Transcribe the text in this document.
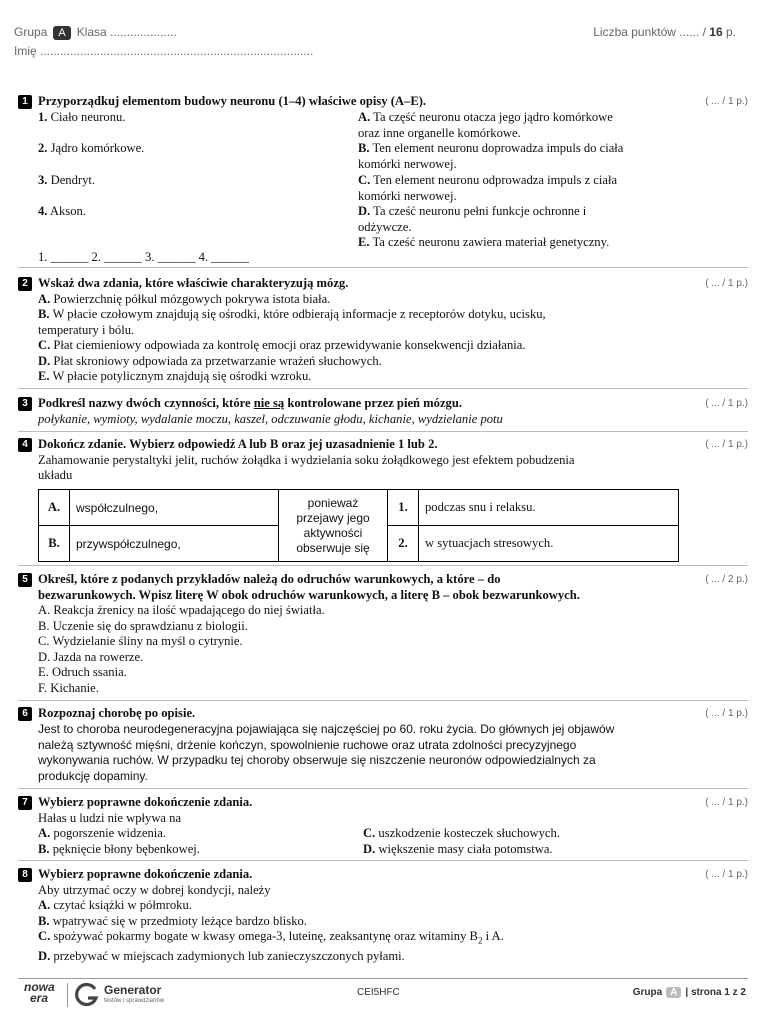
Grupa A Klasa ....................
Imię ..................................................................................
Liczba punktów ...... / 16 p.
1 Przyporządkuj elementom budowy neuronu (1–4) właściwe opisy (A–E).	( ... / 1 p.)
1. Ciało neuronu.
2. Jądro komórkowe.
3. Dendryt.
4. Akson.
A. Ta część neuronu otacza jego jądro komórkowe
oraz inne organelle komórkowe.
B. Ten element neuronu doprowadza impuls do ciała
komórki nerwowej.
C. Ten element neuronu odprowadza impuls z ciała
komórki nerwowej.
D. Ta cześć neuronu pełni funkcje ochronne i
odżywcze.
E. Ta cześć neuronu zawiera materiał genetyczny.
1. ______ 2. ______ 3. ______ 4. ______
2 Wskaż dwa zdania, które właściwie charakteryzują mózg.	( ... / 1 p.)
A. Powierzchnię półkul mózgowych pokrywa istota biała.
B. W płacie czołowym znajdują się ośrodki, które odbierają informacje z receptorów dotyku, ucisku,
temperatury i bólu.
C. Płat ciemieniowy odpowiada za kontrolę emocji oraz przewidywanie konsekwencji działania.
D. Płat skroniowy odpowiada za przetwarzanie wrażeń słuchowych.
E. W płacie potylicznym znajdują się ośrodki wzroku.
3 Podkreśl nazwy dwóch czynności, które nie są kontrolowane przez pień mózgu.	( ... / 1 p.)
połykanie, wymioty, wydalanie moczu, kaszel, odczuwanie głodu, kichanie, wydzielanie potu
4 Dokończ zdanie. Wybierz odpowiedź A lub B oraz jej uzasadnienie 1 lub 2.	( ... / 1 p.)
Zahamowanie perystaltyki jelit, ruchów żołądka i wydzielania soku żołądkowego jest efektem pobudzenia
układu
A.	współczulnego,	ponieważ
przejawy jego
aktywności
obserwuje się	1.	podczas snu i relaksu.
B.	przywspółczulnego,		2.	w sytuacjach stresowych.
5 Określ, które z podanych przykładów należą do odruchów warunkowych, a które – do
bezwarunkowych. Wpisz literę W obok odruchów warunkowych, a literę B – obok bezwarunkowych.
( ... / 2 p.)
A. Reakcja źrenicy na ilość wpadającego do niej światła.
B. Uczenie się do sprawdzianu z biologii.
C. Wydzielanie śliny na myśl o cytrynie.
D. Jazda na rowerze.
E. Odruch ssania.
F. Kichanie.
6 Rozpoznaj chorobę po opisie.	( ... / 1 p.)
Jest to choroba neurodegeneracyjna pojawiająca się najczęściej po 60. roku życia. Do głównych jej objawów
należą sztywność mięśni, drżenie kończyn, spowolnienie ruchowe oraz utrata zdolności precyzyjnego
wykonywania ruchów. W przypadku tej choroby obserwuje się niszczenie neuronów odpowiedzialnych za
produkcję dopaminy.
7 Wybierz poprawne dokończenie zdania.	( ... / 1 p.)
Hałas u ludzi nie wpływa na
A. pogorszenie widzenia.
B. pęknięcie błony bębenkowej.
C. uszkodzenie kosteczek słuchowych.
D. większenie masy ciała potomstwa.
8 Wybierz poprawne dokończenie zdania.	( ... / 1 p.)
Aby utrzymać oczy w dobrej kondycji, należy
A. czytać książki w półmroku.
B. wpatrywać się w przedmioty leżące bardzo blisko.
C. spożywać pokarmy bogate w kwasy omega-3, luteinę, zeaksantynę oraz witaminy $B_2$ i A.
D. przebywać w miejscach zadymionych lub zanieczyszczonych pyłami.
nowa
era
Generator
testów i sprawdzianów
CEI5HFC	Grupa A | strona 1 z 2
